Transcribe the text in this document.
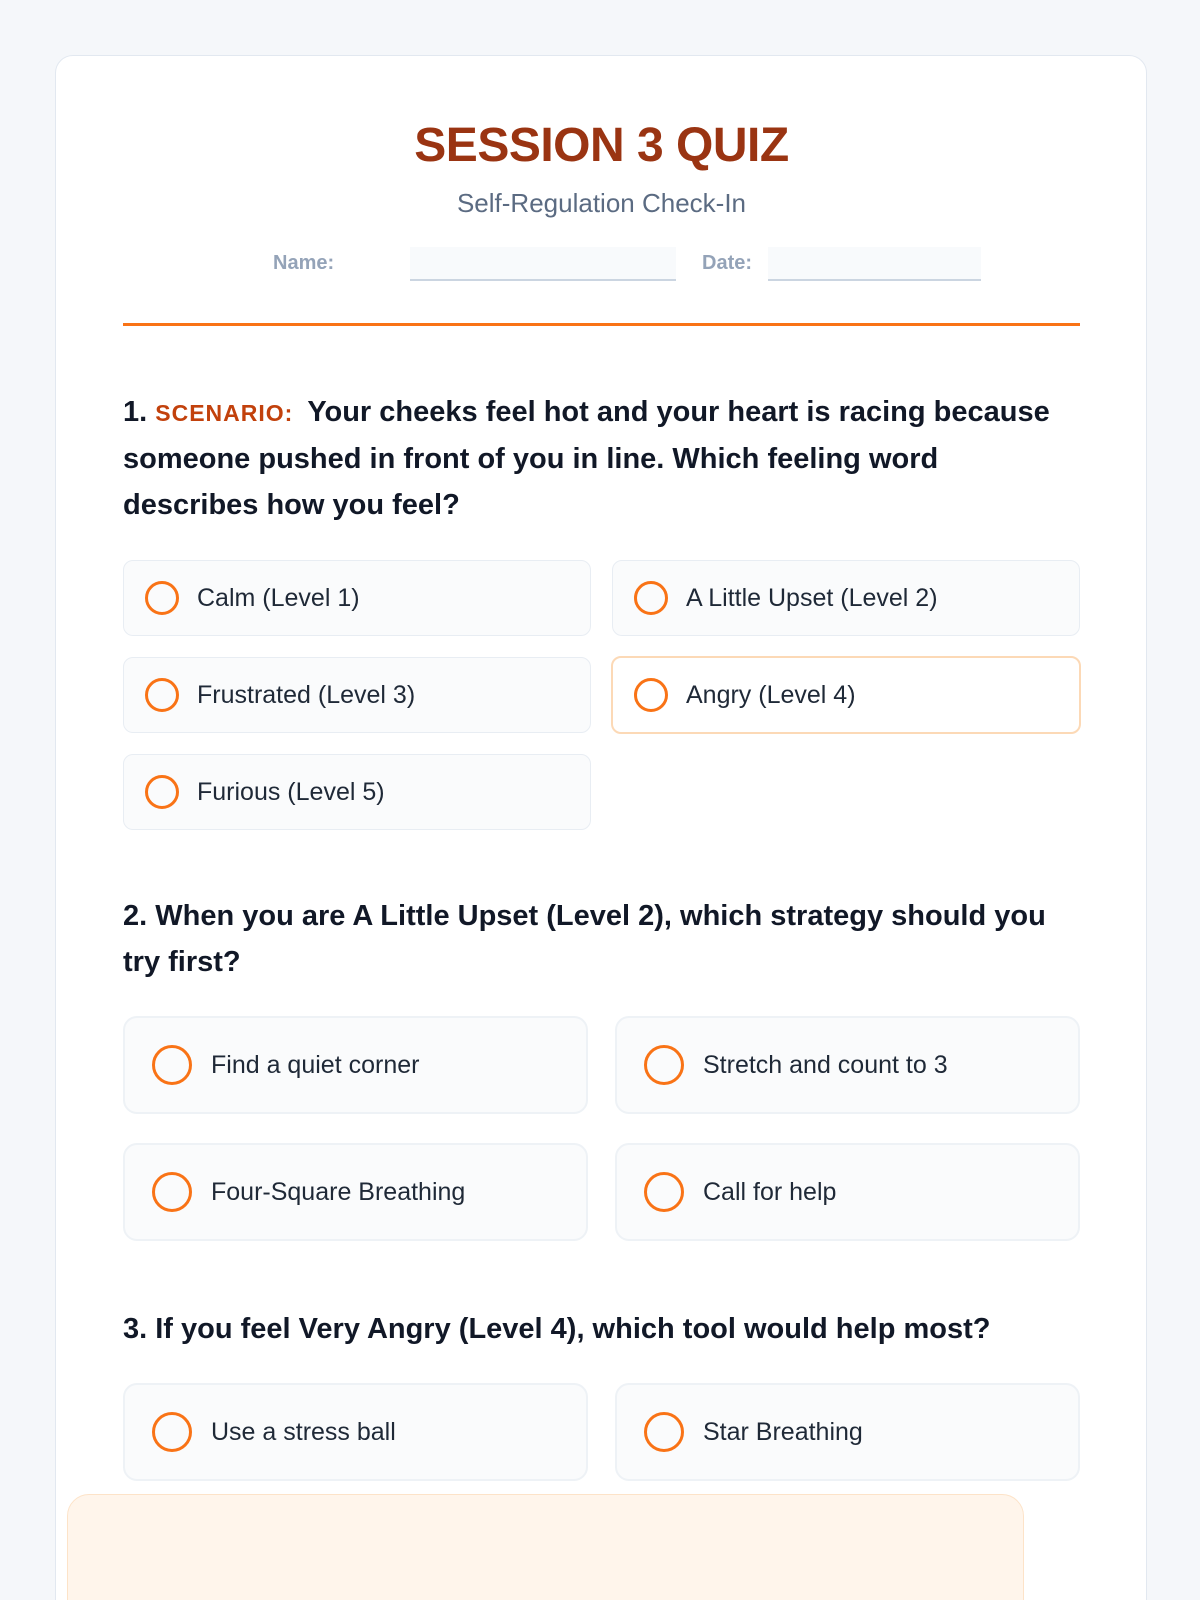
SESSION 3 QUIZ
Self-Regulation Check-In
Name:	Date:
1. SCENARIO: Your cheeks feel hot and your heart is racing because someone pushed in front of you in line. Which feeling word describes how you feel?
Calm (Level 1)	A Little Upset (Level 2)
Frustrated (Level 3)	Angry (Level 4)
Furious (Level 5)
2. When you are A Little Upset (Level 2), which strategy should you try first?
Find a quiet corner	Stretch and count to 3
Four-Square Breathing	Call for help
3. If you feel Very Angry (Level 4), which tool would help most?
Use a stress ball	Star Breathing
